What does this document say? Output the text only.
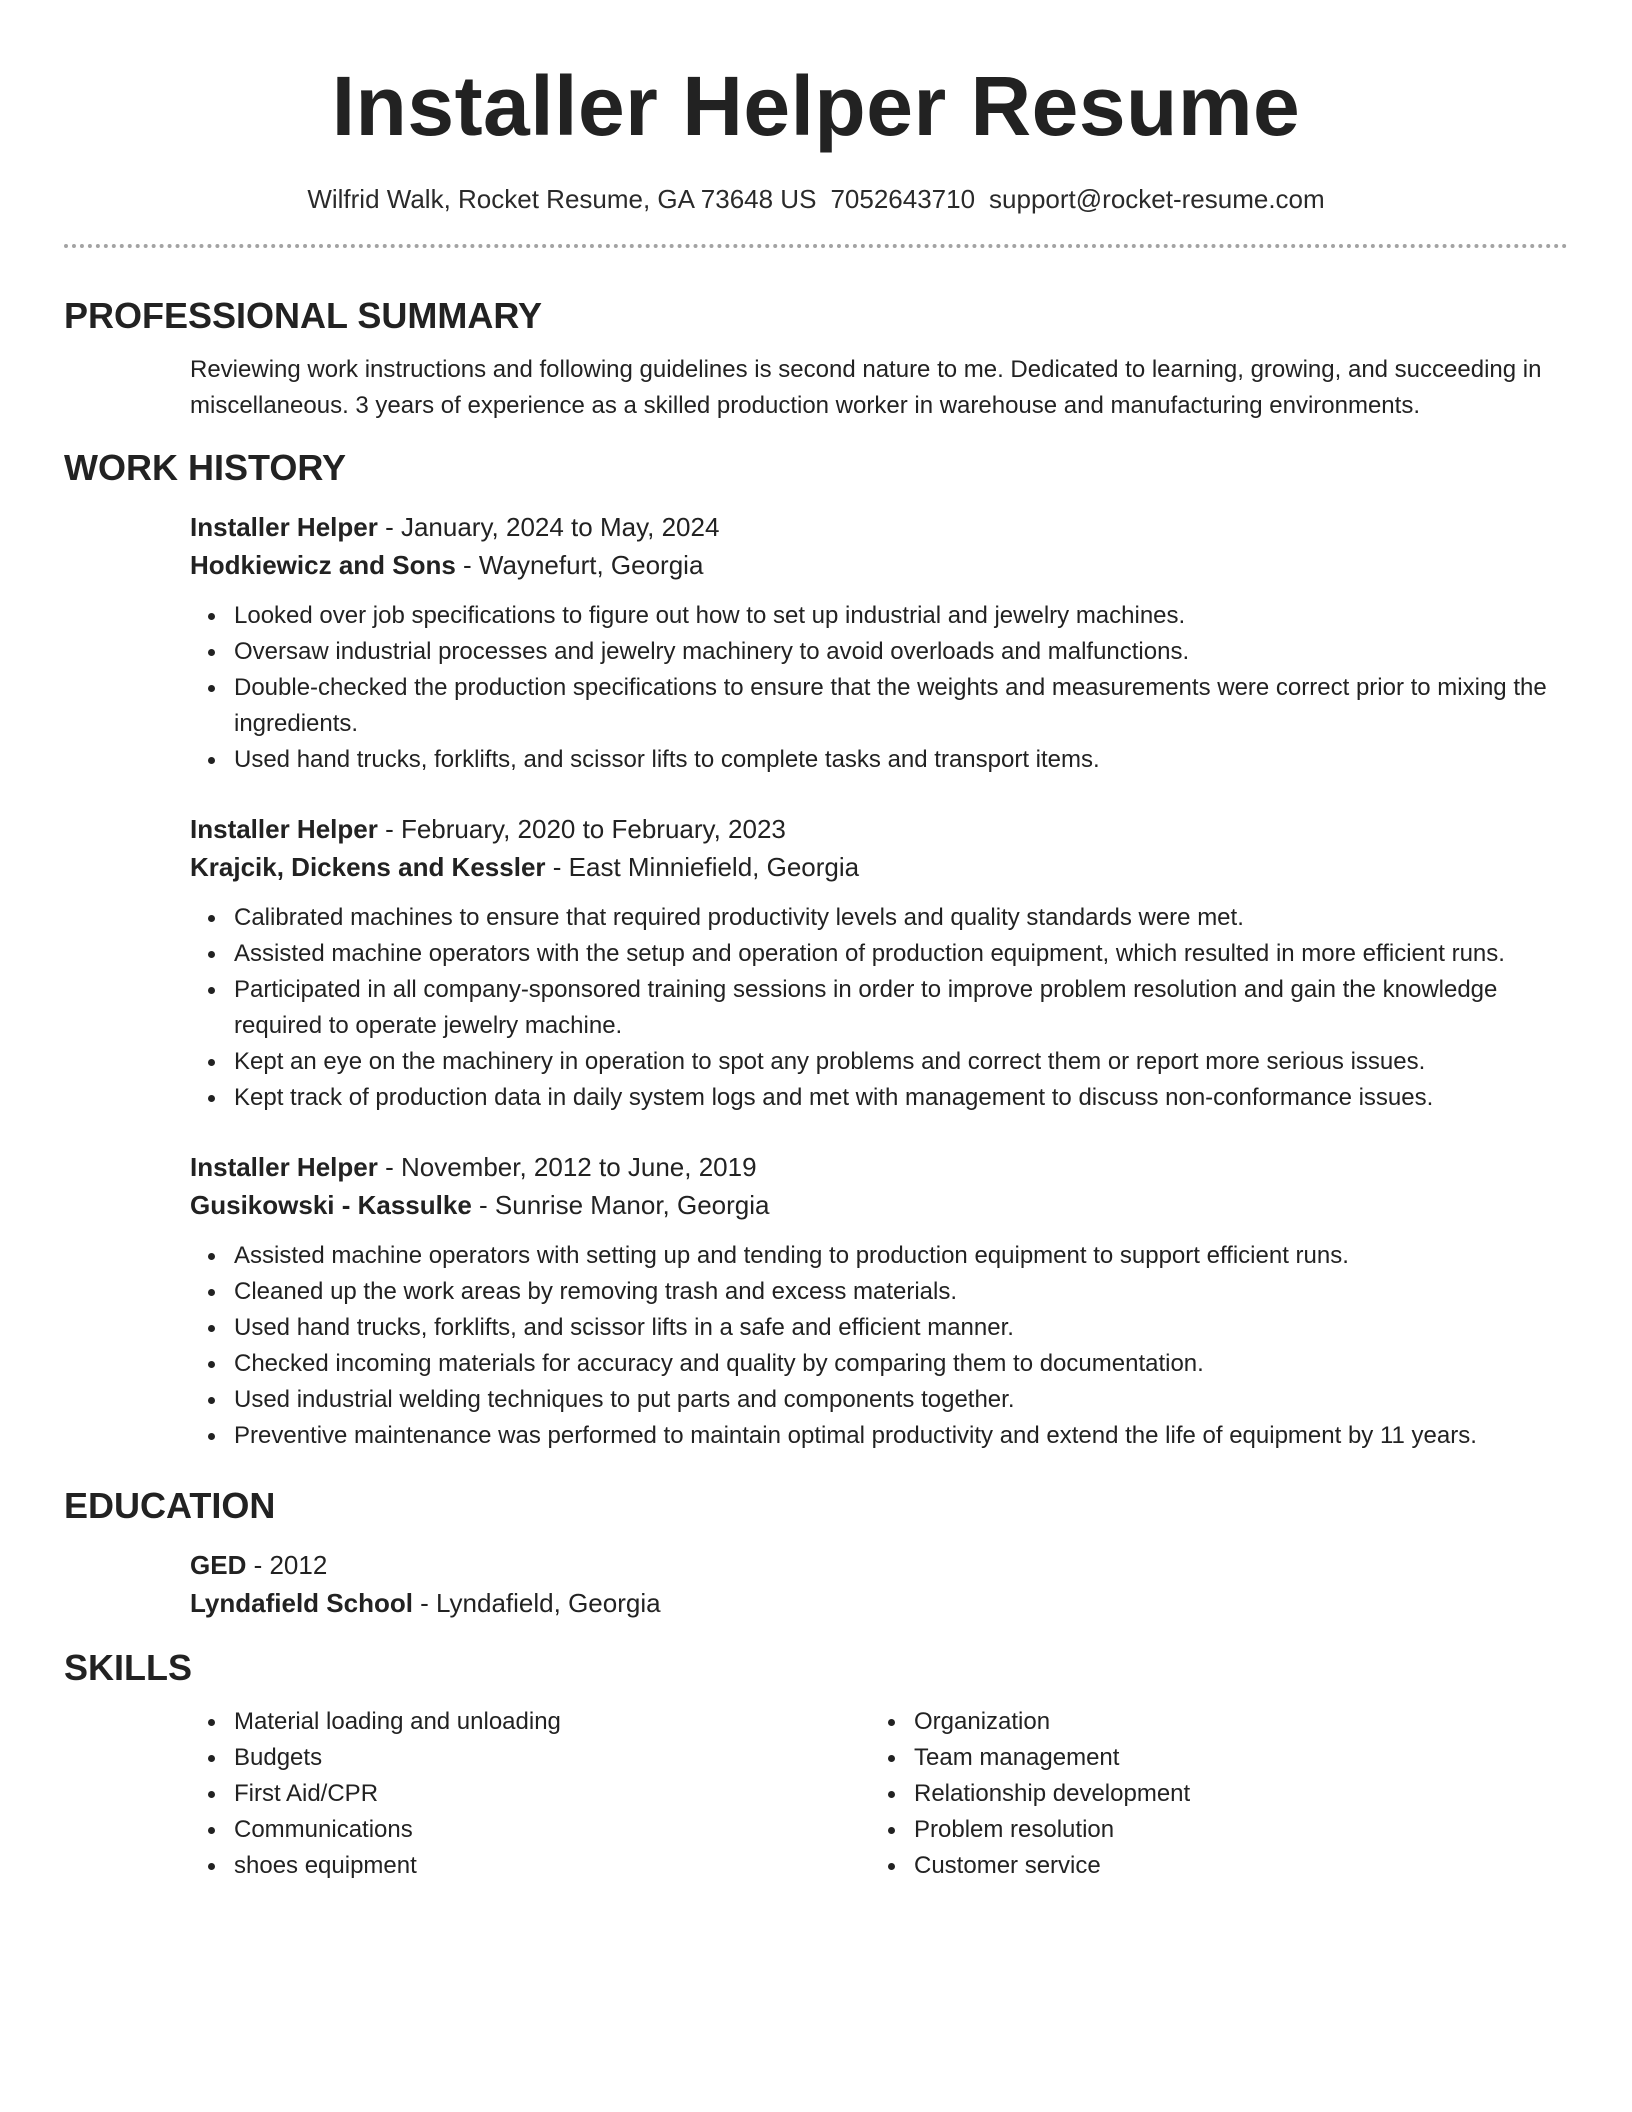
Installer Helper Resume
Wilfrid Walk, Rocket Resume, GA 73648 US 7052643710 support@rocket-resume.com
PROFESSIONAL SUMMARY
Reviewing work instructions and following guidelines is second nature to me. Dedicated to learning, growing, and succeeding in miscellaneous. 3 years of experience as a skilled production worker in warehouse and manufacturing environments.
WORK HISTORY
Installer Helper - January, 2024 to May, 2024
Hodkiewicz and Sons - Waynefurt, Georgia
Looked over job specifications to figure out how to set up industrial and jewelry machines.
Oversaw industrial processes and jewelry machinery to avoid overloads and malfunctions.
Double-checked the production specifications to ensure that the weights and measurements were correct prior to mixing the ingredients.
Used hand trucks, forklifts, and scissor lifts to complete tasks and transport items.
Installer Helper - February, 2020 to February, 2023
Krajcik, Dickens and Kessler - East Minniefield, Georgia
Calibrated machines to ensure that required productivity levels and quality standards were met.
Assisted machine operators with the setup and operation of production equipment, which resulted in more efficient runs.
Participated in all company-sponsored training sessions in order to improve problem resolution and gain the knowledge required to operate jewelry machine.
Kept an eye on the machinery in operation to spot any problems and correct them or report more serious issues.
Kept track of production data in daily system logs and met with management to discuss non-conformance issues.
Installer Helper - November, 2012 to June, 2019
Gusikowski - Kassulke - Sunrise Manor, Georgia
Assisted machine operators with setting up and tending to production equipment to support efficient runs.
Cleaned up the work areas by removing trash and excess materials.
Used hand trucks, forklifts, and scissor lifts in a safe and efficient manner.
Checked incoming materials for accuracy and quality by comparing them to documentation.
Used industrial welding techniques to put parts and components together.
Preventive maintenance was performed to maintain optimal productivity and extend the life of equipment by 11 years.
EDUCATION
GED - 2012
Lyndafield School - Lyndafield, Georgia
SKILLS
Material loading and unloading
Budgets
First Aid/CPR
Communications
shoes equipment
Organization
Team management
Relationship development
Problem resolution
Customer service
